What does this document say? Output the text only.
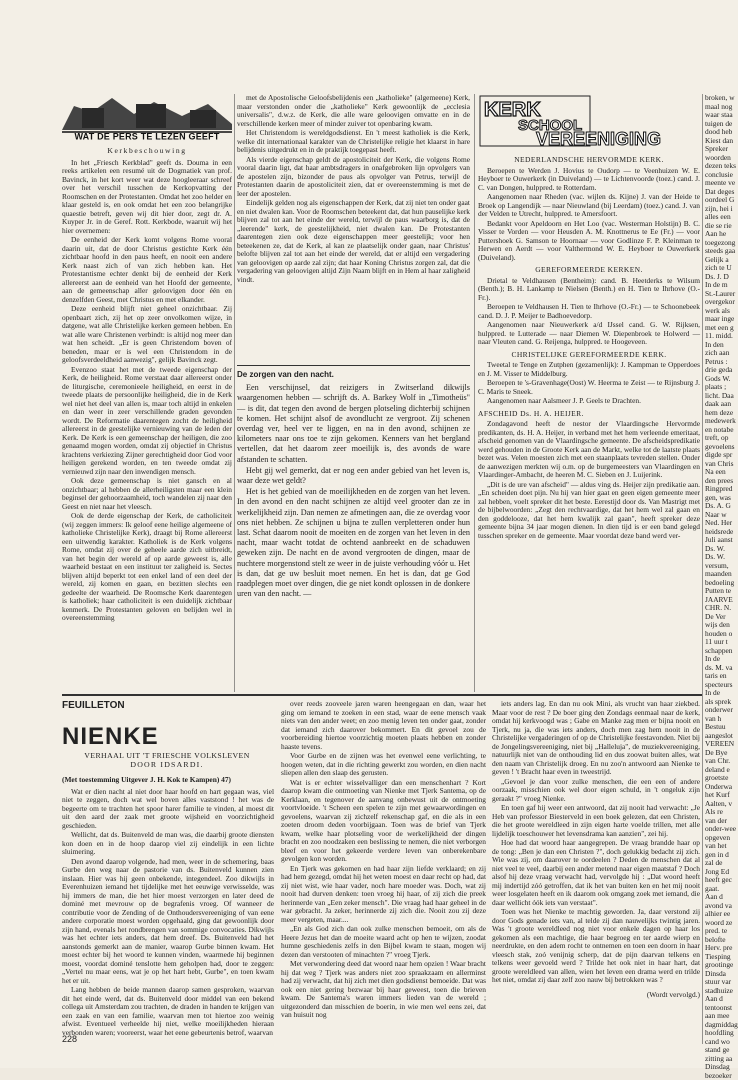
WAT DE PERS TE LEZEN GEEFT
Kerkbeschouwing

In het „Friesch Kerkblad" geeft ds. Douma in een reeks artikelen een resumé uit de Dogmatiek van prof. Bavinck, in het kort weer wat deze hoogleeraar schreef over het verschil tusschen de Kerkopvatting der Roomschen en der Protestanten. Omdat het zoo helder en klaar gesteld is, en ook omdat het een zoo belangrijke quaestie betreft, geven wij dit hier door, zegt dr. A. Kuyper Jr. in de Geref. Rott. Kerkbode, waaruit wij het hier overnemen:

De eenheid der Kerk komt volgens Rome vooral daarin uit, dat de door Christus gestichte Kerk één zichtbaar hoofd in den paus heeft, en nooit een andere Kerk naast zich of van zich hebben kan. Het Protestantisme echter denkt bij de eenheid der Kerk allereerst aan de eenheid van het Hoofd der gemeente, aan de gemeenschap aller geloovigen door één en denzelfden Geest, met Christus en met elkander.

Deze eenheid blijft niet geheel onzichtbaar. Zij openbaart zich, zij het op zeer onvolkomen wijze, in datgene, wat alle Christelijke kerken gemeen hebben. En wat alle ware Christenen verbindt: is altijd nog meer dan wat hen scheidt. „Er is geen Christendom boven of beneden, maar er is wel een Christendom in de geloofsverdeeldheid aanwezig", gelijk Bavinck zegt.

Evenzoo staat het met de tweede eigenschap der Kerk, de heiligheid. Rome verstaat daar allereerst onder de liturgische, ceremonieele heiligheid, en eerst in de tweede plaats de persoonlijke heiligheid, die in de Kerk wel niet het deel van allen is, maar toch altijd in enkelen en dan weer in zeer verschillende graden gevonden wordt. De Reformatie daarentegen zocht de heiligheid allereerst in de geestelijke vernieuwing van de leden der Kerk. De Kerk is een gemeenschap der heiligen, die zoo genaamd mogen worden, omdat zij objectief in Christus krachtens verkiezing Zijner gerechtigheid door God voor heiligen gerekend worden, en ten tweede omdat zij vernieuwd zijn naar den inwendigen mensch.

Ook deze gemeenschap is niet gansch en al onzichtbaar; al hebben de allerheiligsten maar een klein beginsel der gehoorzaamheid, toch wandelen zij naar den Geest en niet naar het vleesch.

Ook de derde eigenschap der Kerk, de catholiciteit (wij zeggen immers: Ik geloof eene heilige algemeene of katholieke Christelijke Kerk), draagt bij Rome allereerst een uitwendig karakter. Katholiek is de Kerk volgens Rome, omdat zij over de geheele aarde zich uitbreidt, van het begin der wereld af op aarde geweest is, alle waarheid bestaat en een instituut ter zaligheid is. Sectes blijven altijd beperkt tot een enkel land of een deel der wereld, zij komen en gaan, en bezitten slechts een gedeelte der waarheid. De Roomsche Kerk daarentegen is katholiek; haar catholiciteit is een duidelijk zichtbaar kenmerk. De Protestanten geloven en belijden wel in overeenstemming

met de Apostolische Geloofsbelijdenis een „katholieke" (algemeene) Kerk, maar verstonden onder die „katholieke" Kerk gewoonlijk de „ecclesia universalis", d.w.z. de Kerk, die alle ware geloovigen omvatte en in de verschillende kerken meer of minder zuiver tot openbaring kwam.

Het Christendom is wereldgodsdienst. En 't meest katholiek is die Kerk, welke dit internationaal karakter van de Christelijke religie het klaarst in hare belijdenis uitgedrukt en in de praktijk toegepast heeft.

Als vierde eigenschap geldt de apostoliciteit der Kerk, die volgens Rome vooral daarin ligt, dat haar ambtsdragers in onafgebroken lijn opvolgers van de apostelen zijn, bizonder de paus als opvolger van Petrus, terwijl de Protestanten daarin de apostoliciteit zien, dat er overeenstemming is met de leer der apostelen.

Eindelijk gelden nog als eigenschappen der Kerk, dat zij niet ten onder gaat en niet dwalen kan. Voor de Roomschen beteekent dat, dat hun pauselijke kerk blijven zal tot aan het einde der wereld, terwijl de paus waarborg is, dat de „leerende" kerk, de geestelijkheid, niet dwalen kan. De Protestanten daarentegen zien ook deze eigenschappen meer geestelijk; voor hen beteekenen ze, dat de Kerk, al kan ze plaatselijk onder gaan, naar Christus' belofte blijven zal tot aan het einde der wereld, dat er altijd een vergadering van geloovigen op aarde zal zijn; dat haar Koning Christus zorgen zal, dat die vergadering van geloovigen altijd Zijn Naam blijft en in Hem al haar zaligheid vindt.

De zorgen van den nacht.

Een verschijnsel, dat reizigers in Zwitserland dikwijls waargenomen hebben — schrijft ds. A. Barkey Wolf in „Timotheüs" — is dit, dat tegen den avond de bergen plotseling dichterbij schijnen te komen. Het schijnt alsof de avondlucht ze vergroot. Zij schenen overdag ver, heel ver te liggen, en na in den avond, schijnen ze kilometers naar ons toe te zijn gekomen. Kenners van het bergland vertellen, dat het daarom zeer moeilijk is, des avonds de ware afstanden te schatten.

Hebt gij wel gemerkt, dat er nog een ander gebied van het leven is, waar deze wet geldt?

Het is het gebied van de moeilijkheden en de zorgen van het leven. In den avond en den nacht schijnen ze altijd veel grooter dan ze in werkelijkheid zijn. Dan nemen ze afmetingen aan, die ze overdag voor ons niet hebben. Ze schijnen u bijna te zullen verpletteren onder hun last. Schat daarom nooit de moeiten en de zorgen van het leven in den nacht, maar wacht totdat de ochtend aanbreekt en de schaduwen geweken zijn. De nacht en de avond vergrooten de dingen, maar de nuchtere morgenstond stelt ze weer in de juiste verhouding vóór u. Het is dan, dat ge uw besluit moet nemen. En het is dan, dat ge God raadplegen moet over dingen, die ge niet kondt oplossen in de donkere uren van den nacht. —

KERK
SCHOOL
VEREENIGING
NEDERLANDSCHE HERVORMDE KERK.

Beroepen te Werden J. Hovius te Oudorp — te Veenhuizen W. E. Heyboer te Ouwerkerk (in Duiveland) — te Lichtenvoorde (toez.) cand. J. C. van Dongen, hulppred. te Rotterdam.

Aangenomen naar Rheden (vac. wijlen ds. Kijne) J. van der Heide te Broek op Langendijk — naar Nieuwland (bij Leerdam) (toez.) cand. J. van der Velden te Utrecht, hulppred. te Amersfoort.

Bedankt voor Apeldoorn en Het Loo (vac. Westerman Holstijn) B. C. Visser te Vorden — voor Heusden A. M. Knottnerus te Ee (Fr.) — voor Puttershoek G. Samson te Hoornaar — voor Godlinze F. P. Kleinman te Herwen en Aerdt — voor Valthermond W. E. Heyboer te Ouwerkerk (Duiveland).

GEREFORMEERDE KERKEN.

Drietal te Veldhausen (Bentheim): cand. B. Heetderks te Wilsum (Benth.); B. H. Lankamp te Nielsen (Benth.) en H. Tien te Ihrhove (O.-Fr.).

Beroepen te Veldhausen H. Tien te Ihrhove (O.-Fr.) — te Schoonebeek cand. D. J. P. Meijer te Badhoevedorp.

Aangenomen naar Nieuwerkerk a/d IJssel cand. G. W. Rijksen, hulppred. te Lutterade — naar Diemen W. Diepenbroek te Holwerd — naar Vleuten cand. G. Reijenga, hulppred. te Hoogeveen.

CHRISTELIJKE GEREFORMEERDE KERK.

Tweetal te Tenge en Zutphen (gezamenlijk): J. Kampman te Opperdoes en J. M. Visser te Middelburg.

Beroepen te 's-Gravenhage(Oost) W. Heerma te Zeist — te Rijnsburg J. C. Maris te Sneek.

Aangenomen naar Aalsmeer J. P. Geels te Drachten.

AFSCHEID Ds. H. A. HEIJER.

Zondagavond heeft de nestor der Vlaardingsche Hervormde predikanten, ds. H. A. Heijer, in verband met het hem verleende emeritaat, afscheid genomen van de Vlaardingsche gemeente. De afscheidspredikatie werd gehouden in de Groote Kerk aan de Markt, welke tot de laatste plaats bezet was. Velen moesten zich met een staanplaats tevreden stellen. Onder de aanwezigen merkten wij o.m. op de burgemeesters van Vlaardingen en Vlaardinger-Ambacht, de heeren M. C. Sieben en J. Luijerink.

„Dit is de ure van afscheid" — aldus ving ds. Heijer zijn predikatie aan. „En scheiden doet pijn. Nu hij van hier gaat en geen eigen gemeente meer zal hebben, voelt spreker dit het beste. Eerestijd door ds. Van Mastrigt met de bijbelwoorden: „Zegt den rechtvaardige, dat het hem wel zal gaan en den goddelooze, dat het hem kwalijk zal gaan", heeft spreker deze gemeente bijna 34 jaar mogen dienen. In dien tijd is er een band gelegd tusschen spreker en de gemeente. Maar voordat deze band werd ver-

FEUILLETON
NIENKE
VERHAAL UIT 'T FRIESCHE VOLKSLEVEN
DOOR IDSARDI.
(Met toestemming Uitgever J. H. Kok te Kampen) 47)

Wat er dien nacht al niet door haar hoofd en hart gegaan was, viel niet te zeggen, doch wat wel boven alles vaststond ! het was de begeerte om te trachten het spoor harer familie te vinden, al moest dit uit den aard der zaak met groote wijsheid en voorzichtigheid geschieden.

Wellicht, dat ds. Buitenveld de man was, die daarbij groote diensten kon doen en in de hoop daarop viel zij eindelijk in een lichte sluimering.

Den avond daarop volgende, had men, weer in de schemering, baas Gurbe den weg naar de pastorie van ds. Buitenveld kunnen zien inslaan. Hier was hij geen onbekende, integendeel. Zoo dikwijls in Everenhuizen iemand het tijdelijke met het eeuwige verwisselde, was hij immers de man, die het hier moest verzorgen en later deed de dominé met mevrouw op de begrafenis vroeg. Of wanneer de contributie voor de Zending of de Onthoudersvereeniging of van eene andere corporatie moest worden opgehaald, ging dat gewoonlijk door zijn hand, evenals het rondbrengen van sommige convocaties. Dikwijls was het echter iets anders, dat hem dreef. Ds. Buitenveld had het aanstonds gemerkt aan de manier, waarop Gurbe binnen kwam. Het moest echter bij het woord te kunnen vinden, waarmede hij beginnen moest, voordat dominé tenslotte hem geholpen had, door te zeggen: „Vertel nu maar eens, wat je op het hart hebt, Gurbe", en toen kwam het er uit.

Lang hebben de beide mannen daarop samen gesproken, waarvan dit het einde werd, dat ds. Buitenveld door middel van een bekend collega uit Amsterdam zou trachten, de draden in handen te krijgen van een zaak en van een familie, waarvan men tot hiertoe zoo weinig afwist. Eventueel verheelde hij niet, welke moeilijkheden hieraan verbonden waren; vooreerst, waar het eene gebeurtenis betrof, waarvan

over reeds zooveele jaren waren heengegaan en dan, waar het ging om iemand te zoeken in een stad, waar de eene mensch vaak niets van den ander weet; en zoo menig leven ten onder gaat, zonder dat iemand zich daarover bekommert. En dit gevoel zou de voorbereiding hiertoe voorzichtig moeten plaats hebben en zonder haaste tevens.

Voor Gurbe en de zijnen was het evenwel eene verlichting, te hoogen weten, dat in die richting gewerkt zou worden, en dien nacht sliepen allen den slaap des gerusten.

Wat is er echter wisselvalliger dan een menschenhart ? Kort daarop kwam die ontmoeting van Nienke met Tjerk Santema, op de Kerklaan, en tegenover de aanvang onbewust uit de ontmoeting voortvloeide. 't Scheen een spelen te zijn met gewaarwordingen en gevoelens, waarvan zij zichzelf rekenschap gaf, en die als in een zoeten droom deden voorbijgaan. Toen was de brief van Tjerk kwam, welke haar plotseling voor de werkelijkheid der dingen bracht en zoo noodzaken een beslissing te nemen, die niet verborgen bleef en voor het gekeerde verdere leven van onberekenbare gevolgen kon worden.

En Tjerk was gekomen en had haar zijn liefde verklaard; en zij had hem gezegd, omdat hij het weten moest en daar recht op had, dat zij niet wist, wie haar vader, noch hare moeder was. Doch, wat zij nooit had durven denken: toen vroeg hij haar, of zij zich die preek herinnerde van „Een zeker mensch". Die vraag had haar geheel in de war gebracht. Ja zeker, herinnerde zij zich die. Nooit zou zij deze meer vergeten, maar....

„En als God zich dan ook zulke menschen bemoeit, om als de Heere Jezus het dan de moeite waard acht op hen te wijzen, zoodat humne geschiedenis zelfs in den Bijbel kwam te staan, mogen wij dezen dan verstooten of minachten ?" vroeg Tjerk.

Met verwondering deed dat woord naar hem opzien ! Waar bracht hij dat weg ? Tjerk was anders niet zoo spraakzaam en allerminst had zij verwacht, dat hij zich met dien godsdienst bemoeide. Dat was ook een niet gering bezwaar bij haar geweest, toen die brieven kwam. De Santema's waren immers lieden van de wereld ; uitgezonderd dan misschien de boerin, in wie men wel eens zei, dat van huisuit nog

iets anders lag. En dan nu ook Mini, als vrucht van haar ziekbed. Maar voor de rest ? De boer ging den Zondags eenmaal naar de kerk, omdat hij kerkvoogd was ; Gabe en Manke zag men er bijna nooit en Tjerk, nu ja, die was iets anders, doch men zag hem nooit in de Christelijke vergaderingen of op de Christelijke feestavonden. Niet bij de Jongelingsvereeniging, niet bij „Halleluja", de muziekvereeniging, natuurlijk niet van de onthouding lid en dus zoowat buiten alles, wat den naam van Christelijk droeg. En nu zoo'n antwoord aan Nienke te geven ! 't Bracht haar even in tweestrijd.

„Gevoel je dan voor zulke menschen, die een een of andere oorzaak, misschien ook wel door eigen schuld, in 't ongeluk zijn geraakt ?" vroeg Nienke.

En toen gaf hij weer een antwoord, dat zij nooit had verwacht: „Je Heb van professor Biesterveld in een boek gelezen, dat een Christen, die het groote wereldleed in zijn eigen harte voelde trillen, met alle lijdelijk toeschouwer het levensdrama kan aanzien", zei hij.

Hoe had dat woord haar aangegrepen. De vraag brandde haar op de tong: „Ben je dan een Christen ?", doch gelukkig bedacht zij zich. Wie was zij, om daarover te oordeelen ? Deden de menschen dat al niet veel te veel, daarbij een ander metend naar eigen maatstaf ? Doch alsof hij deze vraag verwacht had, vervolgde hij : „Dat woord heeft mij indertijd zóó getroffen, dat ik het van buiten ken en het mij nooit weer losgelaten heeft en ik daarom ook omgang zoek met iemand, die daar wellicht óók iets van verstaat".

Toen was het Nienke te machtig geworden. Ja, daar verstond zij door Gods genade iets van, al telde zij dan nauwelijks twintig jaren. Was 't groote wereldleed nog niet voor enkele dagen op haar los gekomen als een machtige, die haar begroeg en ter aarde wierp en neerdrukte, en den adem rocht te ontnemen en toen een doorn in haar vleesch stak, zoó venijnig scherp, dat de pijn daarvan telkens en telkens weer gevoeld werd ? Trilde het ook niet in haar hart, dat groote wereldleed van allen, wien het leven een drama werd en trilde het niet, omdat zij daar zelf zoo nauw bij betrokken was ?

(Wordt vervolgd.)
228
broken, w
maal nog
waar staa
tuigen de
dood heb
Kiest dan
Spreker
woorden
dezen teks
conclusie
meente ve
Dat deges
oordeel G
zijn, hei i
alles een
die se rie
Aan he
toegezong
steeds gaa
Gelijk a
zich te U
Ds. J. D
In de m
St.-Laurer
overgekor
werk als
maar inge
met een g
11. midd.
In den
zich aan
Petrus :
drie geda
Gods W.
plaats ;
licht. Daa
daak aan
hem deze
medewerk
en notabe
treft, op
gevoelens
digde spr
van Chris
Na een
den prees
Ringpred
gen, was
Ds. A. G
Naar w
Ned. Her
heidsrede
Juli aanst
Ds. W.
Ds. W.
versum,
maanden
bedoeling
Putten te
JAARVE
CHR. N.
De Ver
wijs den
houden o
11 uur t
schappen
In de
ds. M. va
taris en
specteurs
In de
als sprek
onderwer
van h
Bestuu
aangeslot
VEREEN
De Bye
van Chr.
deland e
groetste
Onderwa
het Kurf
Aalten, v
Als re
van der
onder-wee
opgeven
van het
gen in d
zal de
Jong Ed
heeft gec
gaat.
Aan d
avond va
alhier ee
woord ze
pred. te
belofte
Herv. pre
Tiesping
grootinge
Dinsda
stuur var
stadhuize
Aan d
tentoonst
aan mee
dagmiddag
hoofdling
cand wo
stand ge
zitting aa
Dinsdag
bezoeker
